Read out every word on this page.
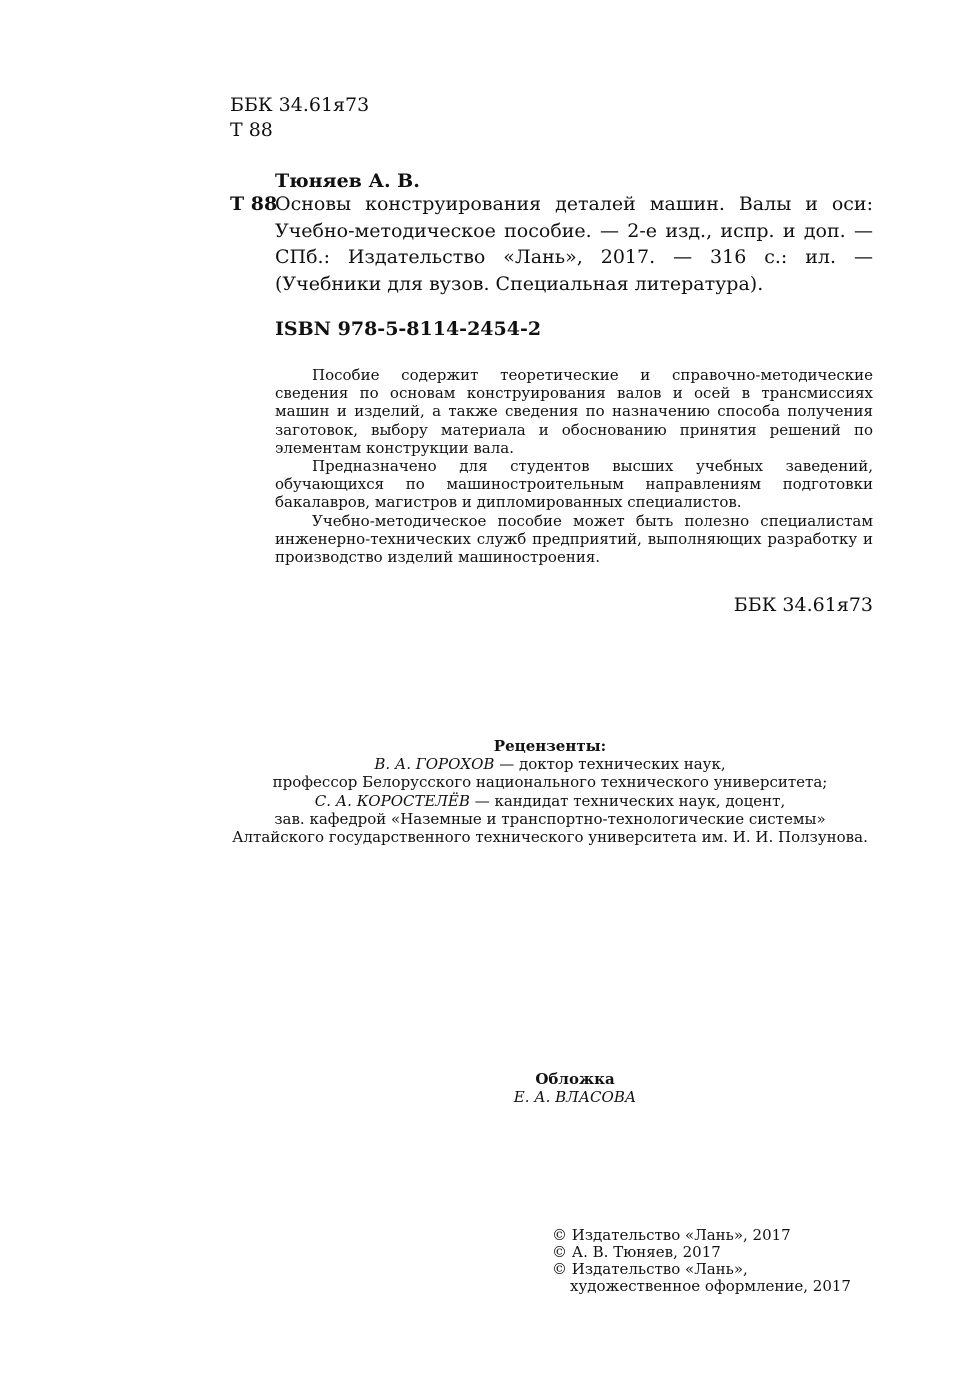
ББК 34.61я73
Т 88
Тюняев А. В.
Т 88
Основы конструирования деталей машин. Валы и оси: Учебно-методическое пособие. — 2-е изд., испр. и доп. — СПб.: Издательство «Лань», 2017. — 316 с.: ил. — (Учебники для вузов. Специальная литература).
ISBN 978-5-8114-2454-2

Пособие содержит теоретические и справочно-методические сведения по основам конструирования валов и осей в трансмиссиях машин и изделий, а также сведения по назначению способа получения заготовок, выбору материала и обоснованию принятия решений по элементам конструкции вала.

Предназначено для студентов высших учебных заведений, обучающихся по машиностроительным направлениям подготовки бакалавров, магистров и дипломированных специалистов.

Учебно-методическое пособие может быть полезно специалистам инженерно-технических служб предприятий, выполняющих разработку и производство изделий машиностроения.

ББК 34.61я73
Рецензенты:
В. А. ГОРОХОВ — доктор технических наук,
профессор Белорусского национального технического университета;
С. А. КОРОСТЕЛЁВ — кандидат технических наук, доцент,
зав. кафедрой «Наземные и транспортно-технологические системы»
Алтайского государственного технического университета им. И. И. Ползунова.
Обложка
Е. А. ВЛАСОВА
© Издательство «Лань», 2017
© А. В. Тюняев, 2017
© Издательство «Лань»,
художественное оформление, 2017
